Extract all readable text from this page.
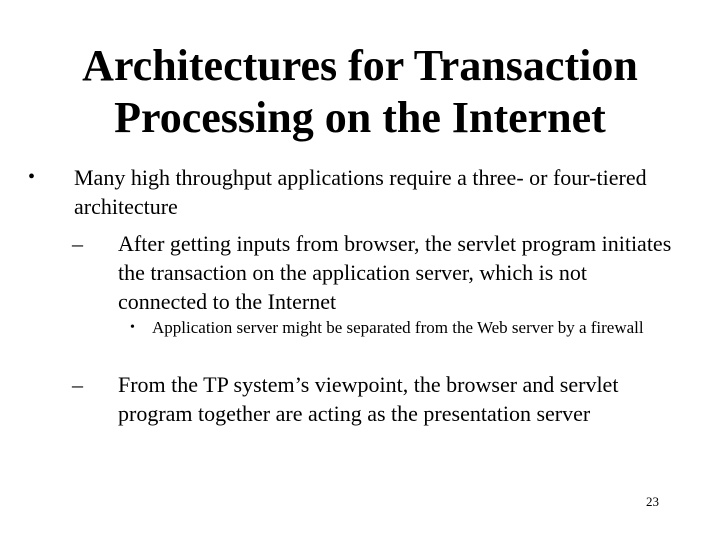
Architectures for Transaction
Processing on the Internet
• Many high throughput applications require a three- or four-tiered architecture
– After getting inputs from browser, the servlet program initiates the transaction on the application server, which is not connected to the Internet
• Application server might be separated from the Web server by a firewall
– From the TP system’s viewpoint, the browser and servlet program together are acting as the presentation server
23
